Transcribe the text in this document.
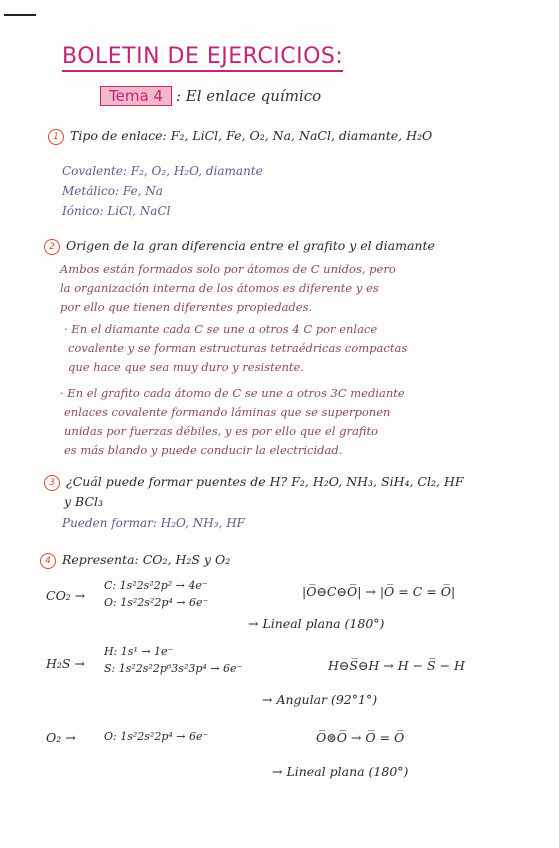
BOLETIN DE EJERCICIOS:
Tema 4 : El enlace químico
1 Tipo de enlace: F₂, LiCl, Fe, O₂, Na, NaCl, diamante, H₂O
Covalente: F₂, O₂, H₂O, diamante
Metálico: Fe, Na
Iónico: LiCl, NaCl
2 Origen de la gran diferencia entre el grafito y el diamante
Ambos están formados solo por átomos de C unidos, pero
la organización interna de los átomos es diferente y es
por ello que tienen diferentes propiedades.
· En el diamante cada C se une a otros 4 C por enlace
covalente y se forman estructuras tetraédricas compactas
que hace que sea muy duro y resistente.
· En el grafito cada átomo de C se une a otros 3C mediante
enlaces covalente formando láminas que se superponen
unidas por fuerzas débiles, y es por ello que el grafito
es más blando y puede conducir la electricidad.
3 ¿Cuál puede formar puentes de H? F₂, H₂O, NH₃, SiH₄, Cl₂, HF
y BCl₃
Pueden formar: H₂O, NH₃, HF
4 Representa: CO₂, H₂S y O₂
CO₂ →
C: 1s²2s²2p² → 4e⁻
O: 1s²2s²2p⁴ → 6e⁻
|O̅⊖C⊖O̅| → |O̅ = C = O̅|
→ Lineal plana (180°)
H₂S →
H: 1s¹ → 1e⁻
S: 1s²2s²2p⁶3s²3p⁴ → 6e⁻	H⊖S̅⊖H → H − S̅ − H
→ Angular (92°1°)
O₂ →	O: 1s²2s²2p⁴ → 6e⁻	O̅⊜O̅ → O̅ = O̅
→ Lineal plana (180°)
